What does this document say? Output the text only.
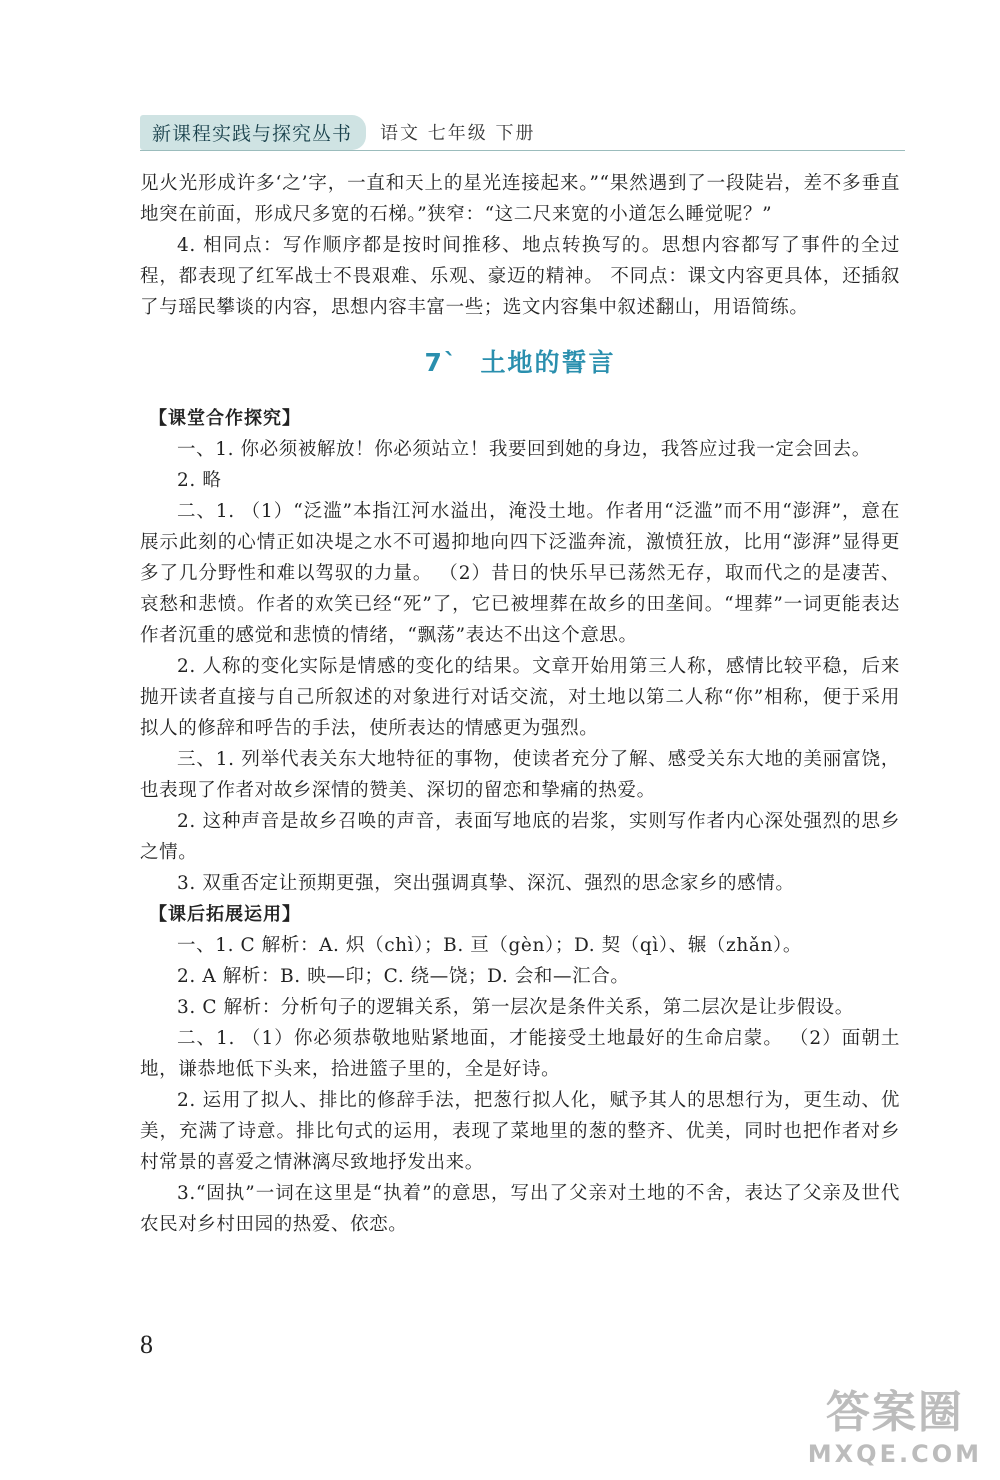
新课程实践与探究丛书	语文 七年级 下册

见火光形成许多‘之’字，一直和天上的星光连接起来。”“果然遇到了一段陡岩，差不多垂直地突在前面，形成尺多宽的石梯。”狭窄：“这二尺来宽的小道怎么睡觉呢？”

4. 相同点：写作顺序都是按时间推移、地点转换写的。思想内容都写了事件的全过程，都表现了红军战士不畏艰难、乐观、豪迈的精神。 不同点：课文内容更具体，还插叙了与瑶民攀谈的内容，思想内容丰富一些；选文内容集中叙述翻山，用语简练。

7` 土地的誓言
【课堂合作探究】

一、1. 你必须被解放！你必须站立！我要回到她的身边，我答应过我一定会回去。

2. 略

二、1. （1）“泛滥”本指江河水溢出，淹没土地。作者用“泛滥”而不用“澎湃”，意在展示此刻的心情正如决堤之水不可遏抑地向四下泛滥奔流，激愤狂放，比用“澎湃”显得更多了几分野性和难以驾驭的力量。 （2）昔日的快乐早已荡然无存，取而代之的是凄苦、哀愁和悲愤。作者的欢笑已经“死”了，它已被埋葬在故乡的田垄间。“埋葬”一词更能表达作者沉重的感觉和悲愤的情绪，“飘荡”表达不出这个意思。

2. 人称的变化实际是情感的变化的结果。文章开始用第三人称，感情比较平稳，后来抛开读者直接与自己所叙述的对象进行对话交流，对土地以第二人称“你”相称，便于采用拟人的修辞和呼告的手法，使所表达的情感更为强烈。

三、1. 列举代表关东大地特征的事物，使读者充分了解、感受关东大地的美丽富饶，也表现了作者对故乡深情的赞美、深切的留恋和挚痛的热爱。

2. 这种声音是故乡召唤的声音，表面写地底的岩浆，实则写作者内心深处强烈的思乡之情。

3. 双重否定让预期更强，突出强调真挚、深沉、强烈的思念家乡的感情。

【课后拓展运用】

一、1. C 解析：A. 炽（chì）；B. 亘（gèn）；D. 契（qì）、辗（zhǎn）。

2. A 解析：B. 映—印；C. 绕—饶；D. 会和—汇合。

3. C 解析：分析句子的逻辑关系，第一层次是条件关系，第二层次是让步假设。

二、1. （1）你必须恭敬地贴紧地面，才能接受土地最好的生命启蒙。 （2）面朝土地，谦恭地低下头来，拾进篮子里的，全是好诗。

2. 运用了拟人、排比的修辞手法，把葱行拟人化，赋予其人的思想行为，更生动、优美，充满了诗意。排比句式的运用，表现了菜地里的葱的整齐、优美，同时也把作者对乡村常景的喜爱之情淋漓尽致地抒发出来。

3.“固执”一词在这里是“执着”的意思，写出了父亲对土地的不舍，表达了父亲及世代农民对乡村田园的热爱、依恋。

8
答案圈
MXQE.COM
